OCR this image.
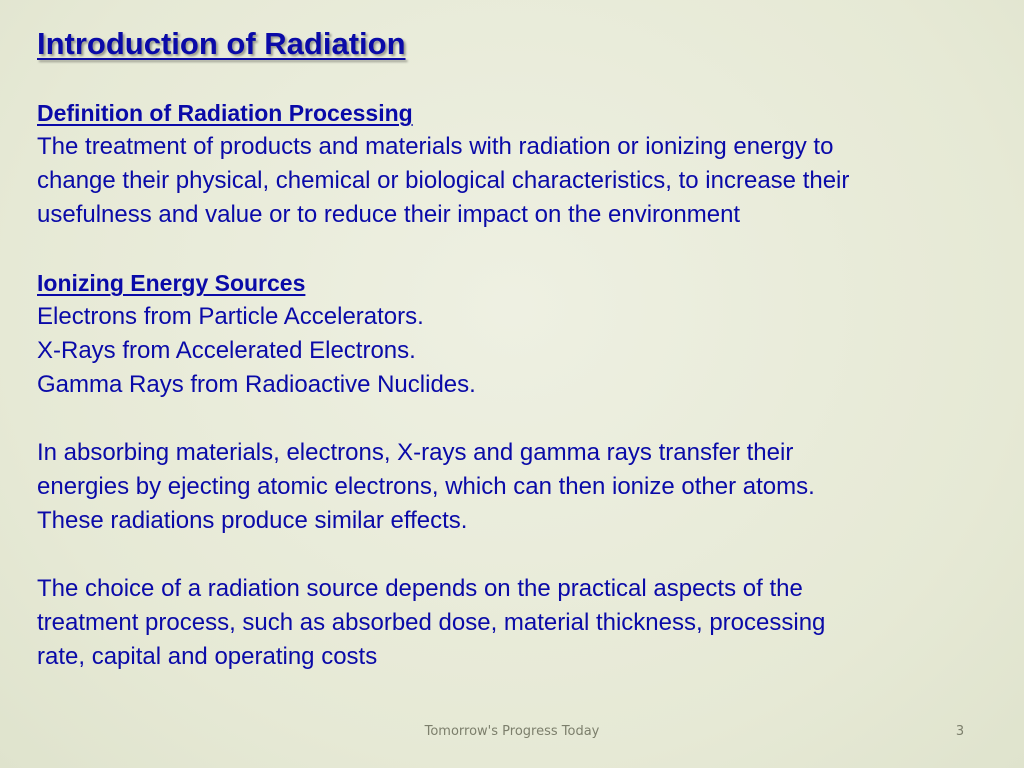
Introduction of Radiation

Definition of Radiation Processing

The treatment of products and materials with radiation or ionizing energy to
change their physical, chemical or biological characteristics, to increase their
usefulness and value or to reduce their impact on the environment

Ionizing Energy Sources

Electrons from Particle Accelerators.
X-Rays from Accelerated Electrons.
Gamma Rays from Radioactive Nuclides.
In absorbing materials, electrons, X-rays and gamma rays transfer their
energies by ejecting atomic electrons, which can then ionize other atoms.
These radiations produce similar effects.
The choice of a radiation source depends on the practical aspects of the
treatment process, such as absorbed dose, material thickness, processing
rate, capital and operating costs
Tomorrow's Progress Today	3
